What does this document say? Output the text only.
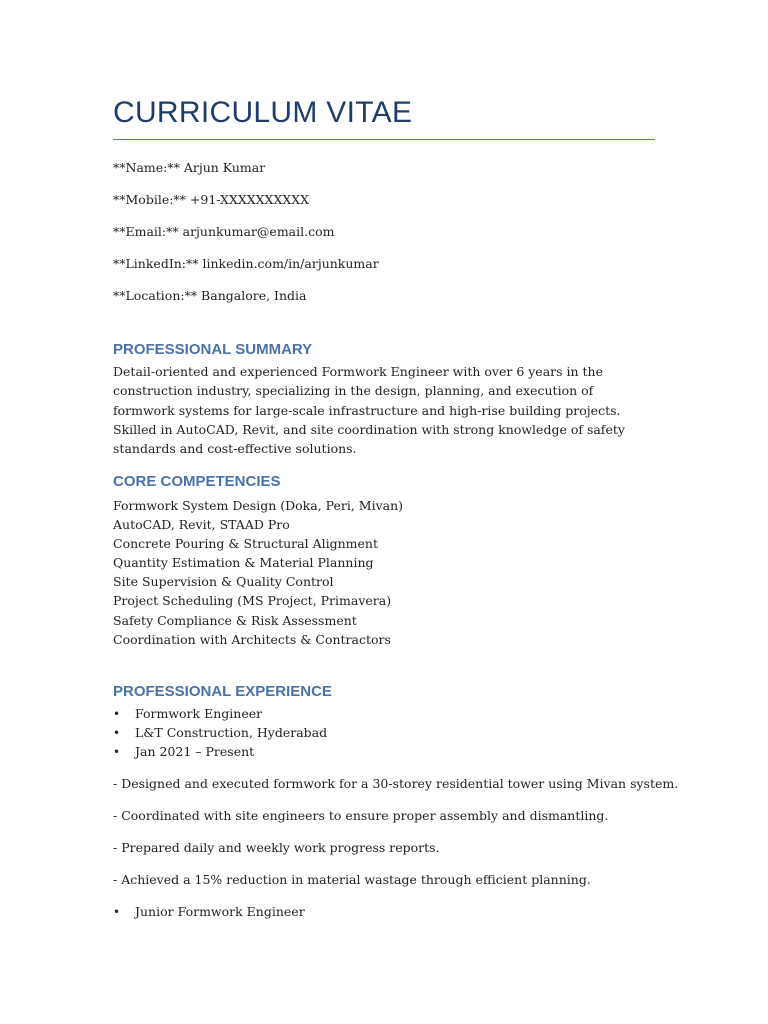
CURRICULUM VITAE
**Name:** Arjun Kumar
**Mobile:** +91-XXXXXXXXXX
**Email:** arjunkumar@email.com
**LinkedIn:** linkedin.com/in/arjunkumar
**Location:** Bangalore, India
PROFESSIONAL SUMMARY

Detail-oriented and experienced Formwork Engineer with over 6 years in the construction industry, specializing in the design, planning, and execution of formwork systems for large-scale infrastructure and high-rise building projects. Skilled in AutoCAD, Revit, and site coordination with strong knowledge of safety standards and cost-effective solutions.

CORE COMPETENCIES
Formwork System Design (Doka, Peri, Mivan)
AutoCAD, Revit, STAAD Pro
Concrete Pouring & Structural Alignment
Quantity Estimation & Material Planning
Site Supervision & Quality Control
Project Scheduling (MS Project, Primavera)
Safety Compliance & Risk Assessment
Coordination with Architects & Contractors
PROFESSIONAL EXPERIENCE
• Formwork Engineer
• L&T Construction, Hyderabad
• Jan 2021 – Present
- Designed and executed formwork for a 30-storey residential tower using Mivan system.
- Coordinated with site engineers to ensure proper assembly and dismantling.
- Prepared daily and weekly work progress reports.
- Achieved a 15% reduction in material wastage through efficient planning.
• Junior Formwork Engineer
